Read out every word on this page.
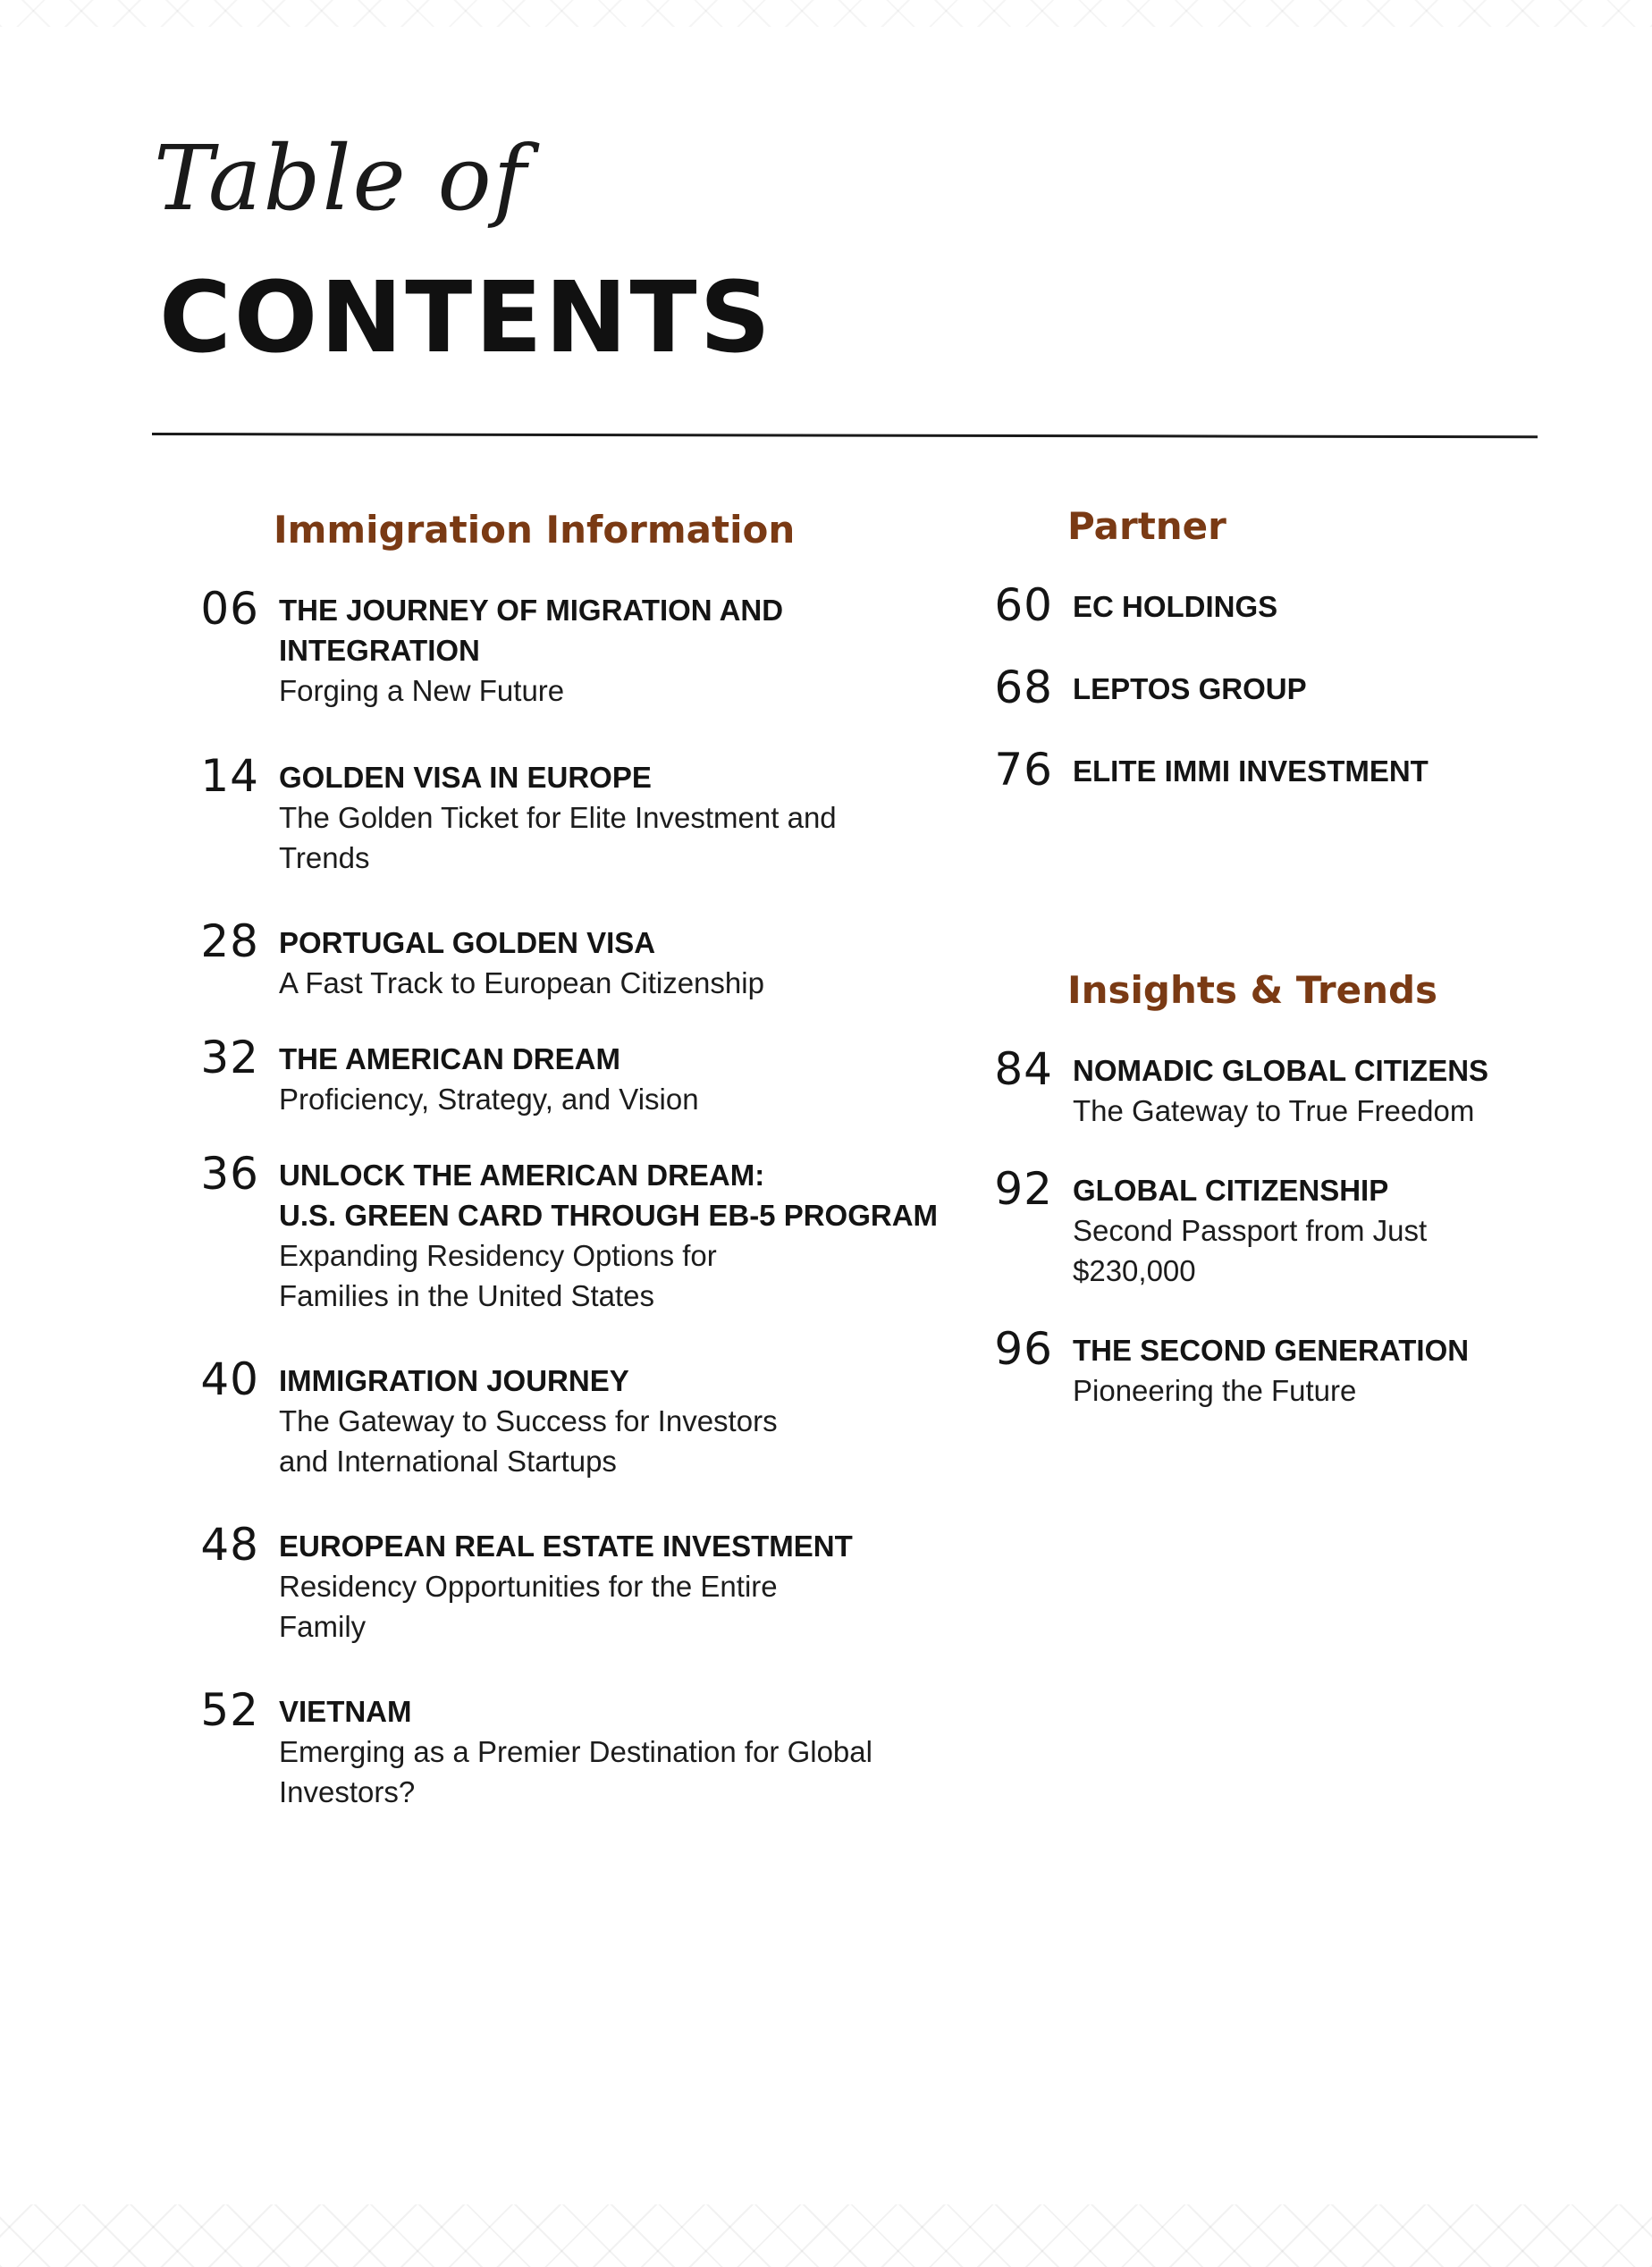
Table of
CONTENTS
Immigration Information
06 THE JOURNEY OF MIGRATION AND
INTEGRATION
Forging a New Future
14 GOLDEN VISA IN EUROPE
The Golden Ticket for Elite Investment and
Trends
28 PORTUGAL GOLDEN VISA
A Fast Track to European Citizenship
32 THE AMERICAN DREAM
Proficiency, Strategy, and Vision
36 UNLOCK THE AMERICAN DREAM:
U.S. GREEN CARD THROUGH EB-5 PROGRAM
Expanding Residency Options for
Families in the United States
40 IMMIGRATION JOURNEY
The Gateway to Success for Investors
and International Startups
48 EUROPEAN REAL ESTATE INVESTMENT
Residency Opportunities for the Entire
Family
52 VIETNAM
Emerging as a Premier Destination for Global
Investors?
Partner
60 EC HOLDINGS
68 LEPTOS GROUP
76 ELITE IMMI INVESTMENT
Insights & Trends
84 NOMADIC GLOBAL CITIZENS
The Gateway to True Freedom
92 GLOBAL CITIZENSHIP
Second Passport from Just
$230,000
96 THE SECOND GENERATION
Pioneering the Future
